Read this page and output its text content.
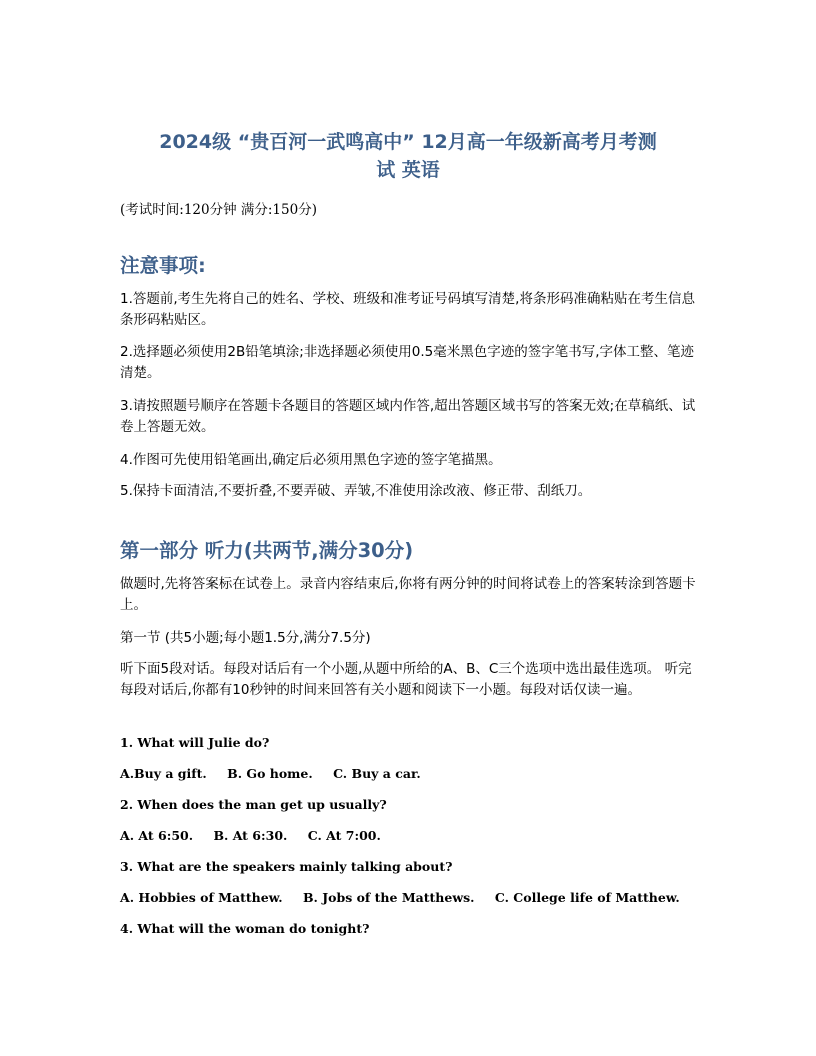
2024级 “贵百河一武鸣高中” 12月高一年级新高考月考测
试 英语
(考试时间:120分钟 满分:150分)
注意事项:
1.答题前,考生先将自己的姓名、学校、班级和准考证号码填写清楚,将条形码准确粘贴在考生信息条形码粘贴区。
2.选择题必须使用2B铅笔填涂;非选择题必须使用0.5毫米黑色字迹的签字笔书写,字体工整、笔迹清楚。
3.请按照题号顺序在答题卡各题目的答题区域内作答,超出答题区域书写的答案无效;在草稿纸、试卷上答题无效。
4.作图可先使用铅笔画出,确定后必须用黑色字迹的签字笔描黑。
5.保持卡面清洁,不要折叠,不要弄破、弄皱,不准使用涂改液、修正带、刮纸刀。
第一部分 听力(共两节,满分30分)
做题时,先将答案标在试卷上。录音内容结束后,你将有两分钟的时间将试卷上的答案转涂到答题卡上。
第一节 (共5小题;每小题1.5分,满分7.5分)
听下面5段对话。每段对话后有一个小题,从题中所给的A、B、C三个选项中选出最佳选项。 听完每段对话后,你都有10秒钟的时间来回答有关小题和阅读下一小题。每段对话仅读一遍。
1. What will Julie do?
A.Buy a gift. B. Go home. C. Buy a car.
2. When does the man get up usually?
A. At 6:50. B. At 6:30. C. At 7:00.
3. What are the speakers mainly talking about?
A. Hobbies of Matthew. B. Jobs of the Matthews. C. College life of Matthew.
4. What will the woman do tonight?
